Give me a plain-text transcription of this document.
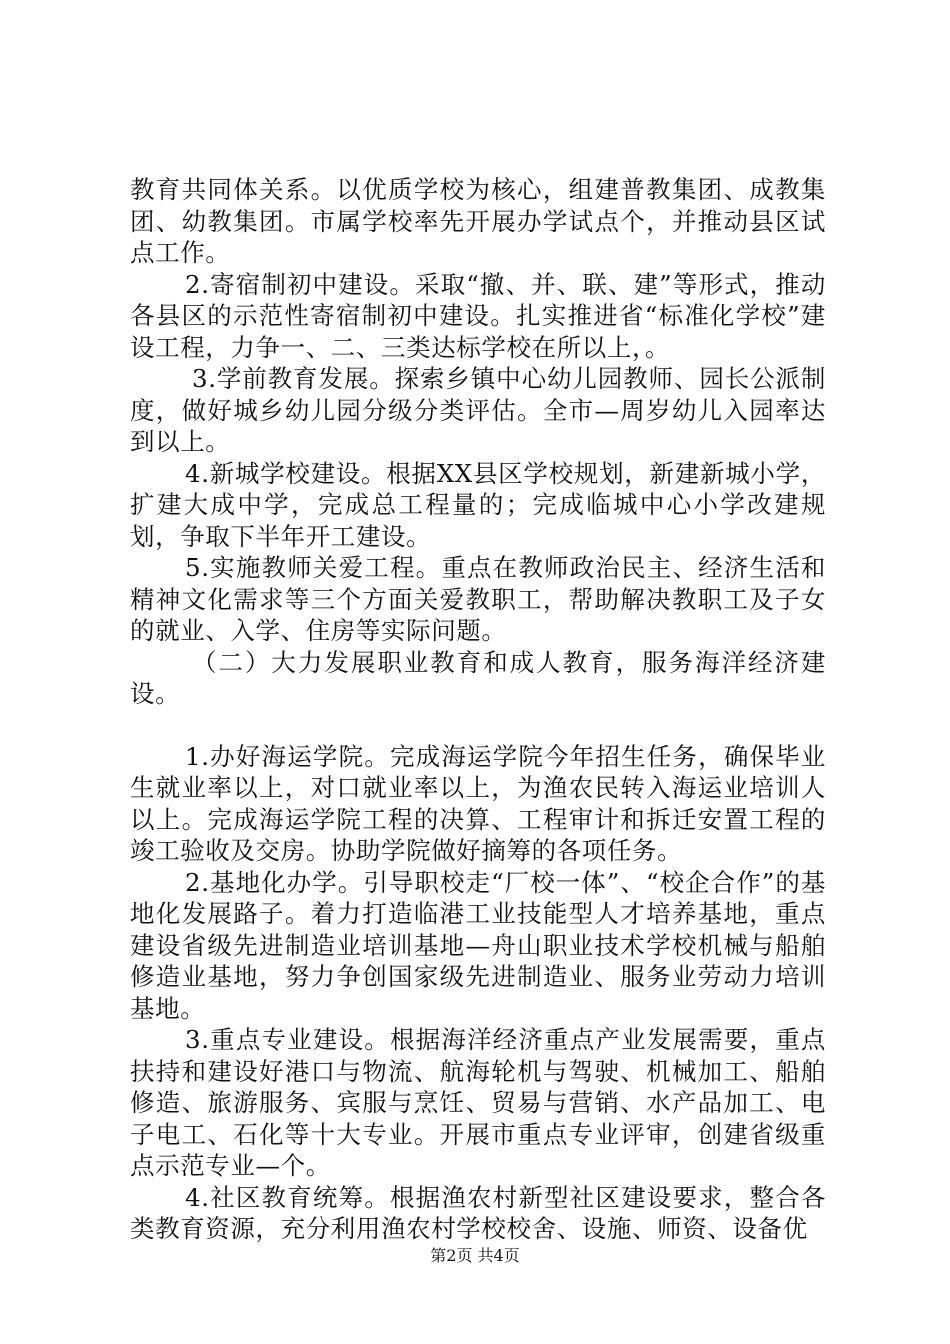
教育共同体关系。以优质学校为核心，组建普教集团、成教集团、幼教集团。市属学校率先开展办学试点个，并推动县区试点工作。

2.寄宿制初中建设。采取“撤、并、联、建”等形式，推动各县区的示范性寄宿制初中建设。扎实推进省“标准化学校”建设工程，力争一、二、三类达标学校在所以上，。

3.学前教育发展。探索乡镇中心幼儿园教师、园长公派制度，做好城乡幼儿园分级分类评估。全市—周岁幼儿入园率达到以上。

4.新城学校建设。根据XX县区学校规划，新建新城小学，扩建大成中学，完成总工程量的；完成临城中心小学改建规划，争取下半年开工建设。

5.实施教师关爱工程。重点在教师政治民主、经济生活和精神文化需求等三个方面关爱教职工，帮助解决教职工及子女的就业、入学、住房等实际问题。

（二）大力发展职业教育和成人教育，服务海洋经济建设。

1.办好海运学院。完成海运学院今年招生任务，确保毕业生就业率以上，对口就业率以上，为渔农民转入海运业培训人以上。完成海运学院工程的决算、工程审计和拆迁安置工程的竣工验收及交房。协助学院做好摘筹的各项任务。

2.基地化办学。引导职校走“厂校一体”、“校企合作”的基地化发展路子。着力打造临港工业技能型人才培养基地，重点建设省级先进制造业培训基地—舟山职业技术学校机械与船舶修造业基地，努力争创国家级先进制造业、服务业劳动力培训基地。

3.重点专业建设。根据海洋经济重点产业发展需要，重点扶持和建设好港口与物流、航海轮机与驾驶、机械加工、船舶修造、旅游服务、宾服与烹饪、贸易与营销、水产品加工、电子电工、石化等十大专业。开展市重点专业评审，创建省级重点示范专业—个。

4.社区教育统筹。根据渔农村新型社区建设要求，整合各类教育资源，充分利用渔农村学校校舍、设施、师资、设备优

第2页 共4页
